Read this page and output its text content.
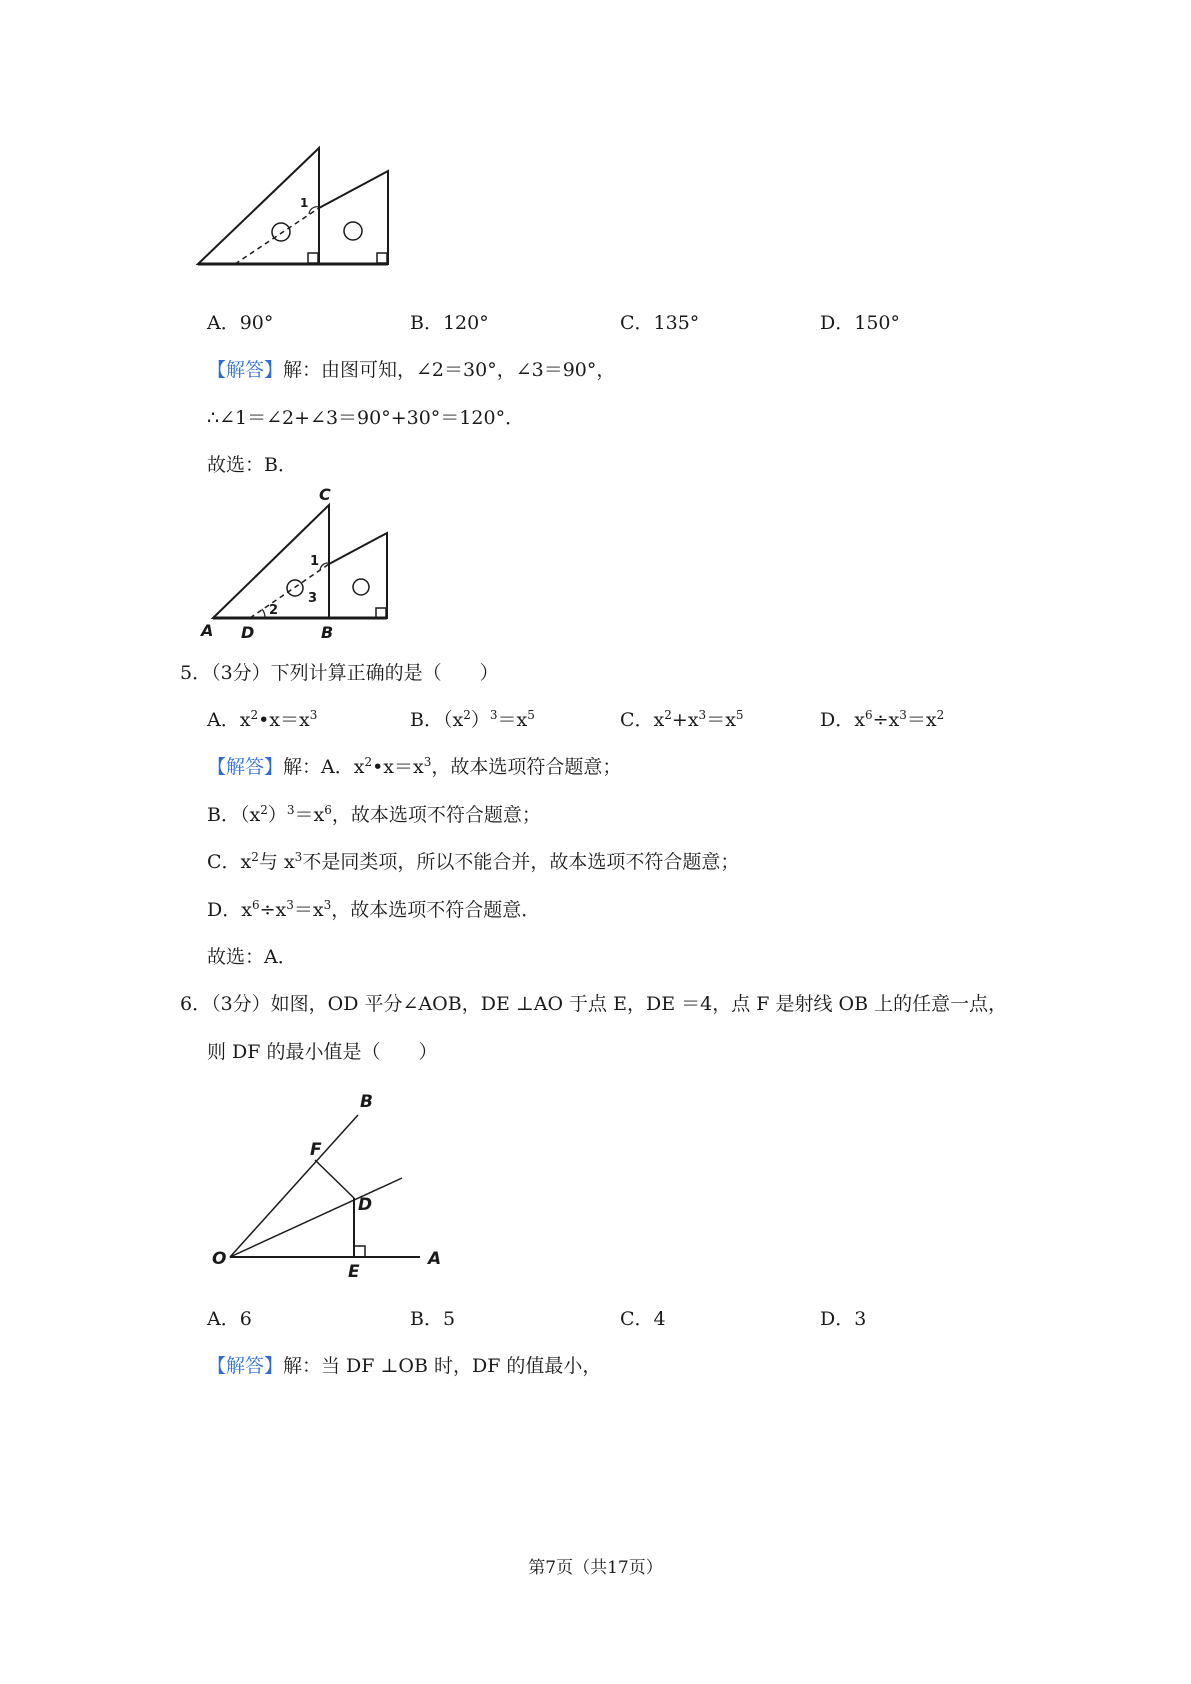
1
A．90°	B．120°	C．135°	D．150°
【解答】解：由图可知，∠2＝30°，∠3＝90°，
∴∠1＝∠2+∠3＝90°+30°＝120°．
故选：B．
C
A D	B
1
2
3
5．（3分）下列计算正确的是（　　）
A．$x^2•x=x^3$	B．$(x^2)^3=x^5$	C．$x^2+x^3=x^5$	D．$x^6\div x^3=x^2$
【解答】解：A．$x^2•x=x^3$，故本选项符合题意；
B．$(x^2)^3=x^6$，故本选项不符合题意；
C．$x^2$与 $x^3$不是同类项，所以不能合并，故本选项不符合题意；
D．$x^6\div x^3=x^3$，故本选项不符合题意．
故选：A．
6．（3分）如图，OD 平分∠AOB，DE ⊥AO 于点 E，DE ＝4，点 F 是射线 OB 上的任意一点，
则 DF 的最小值是（　　）
B
F
D
O
E
A
A．6	B．5	C．4	D．3
【解答】解：当 DF ⊥OB 时，DF 的值最小，
第7页（共17页）
